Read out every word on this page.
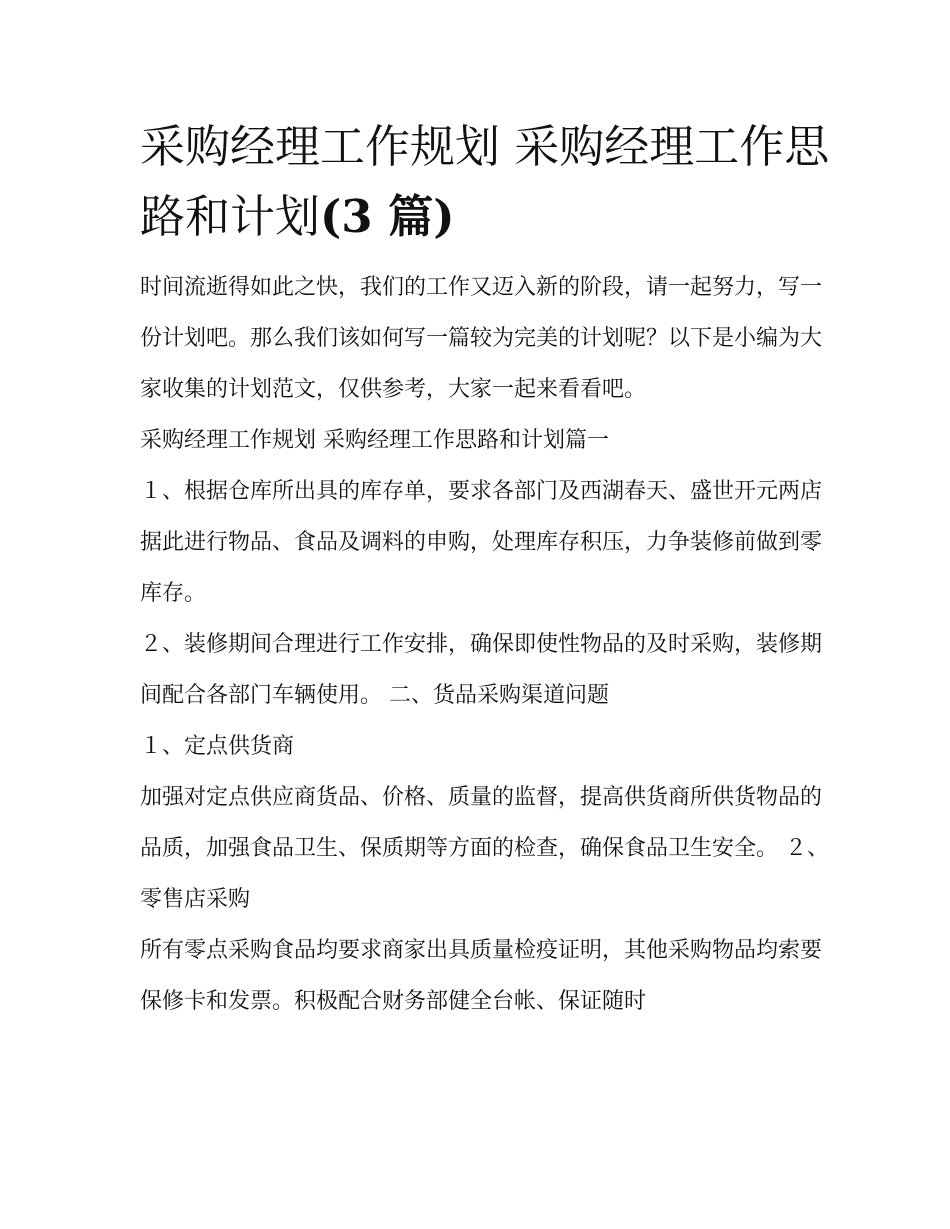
采购经理工作规划 采购经理工作思路和计划(3 篇)

时间流逝得如此之快，我们的工作又迈入新的阶段，请一起努力，写一份计划吧。那么我们该如何写一篇较为完美的计划呢？以下是小编为大家收集的计划范文，仅供参考，大家一起来看看吧。

采购经理工作规划 采购经理工作思路和计划篇一

１、根据仓库所出具的库存单，要求各部门及西湖春天、盛世开元两店据此进行物品、食品及调料的申购，处理库存积压，力争装修前做到零库存。

２、装修期间合理进行工作安排，确保即使性物品的及时采购，装修期间配合各部门车辆使用。 二、货品采购渠道问题

１、定点供货商

加强对定点供应商货品、价格、质量的监督，提高供货商所供货物品的品质，加强食品卫生、保质期等方面的检查，确保食品卫生安全。 ２、零售店采购

所有零点采购食品均要求商家出具质量检疫证明，其他采购物品均索要保修卡和发票。积极配合财务部健全台帐、保证随时
